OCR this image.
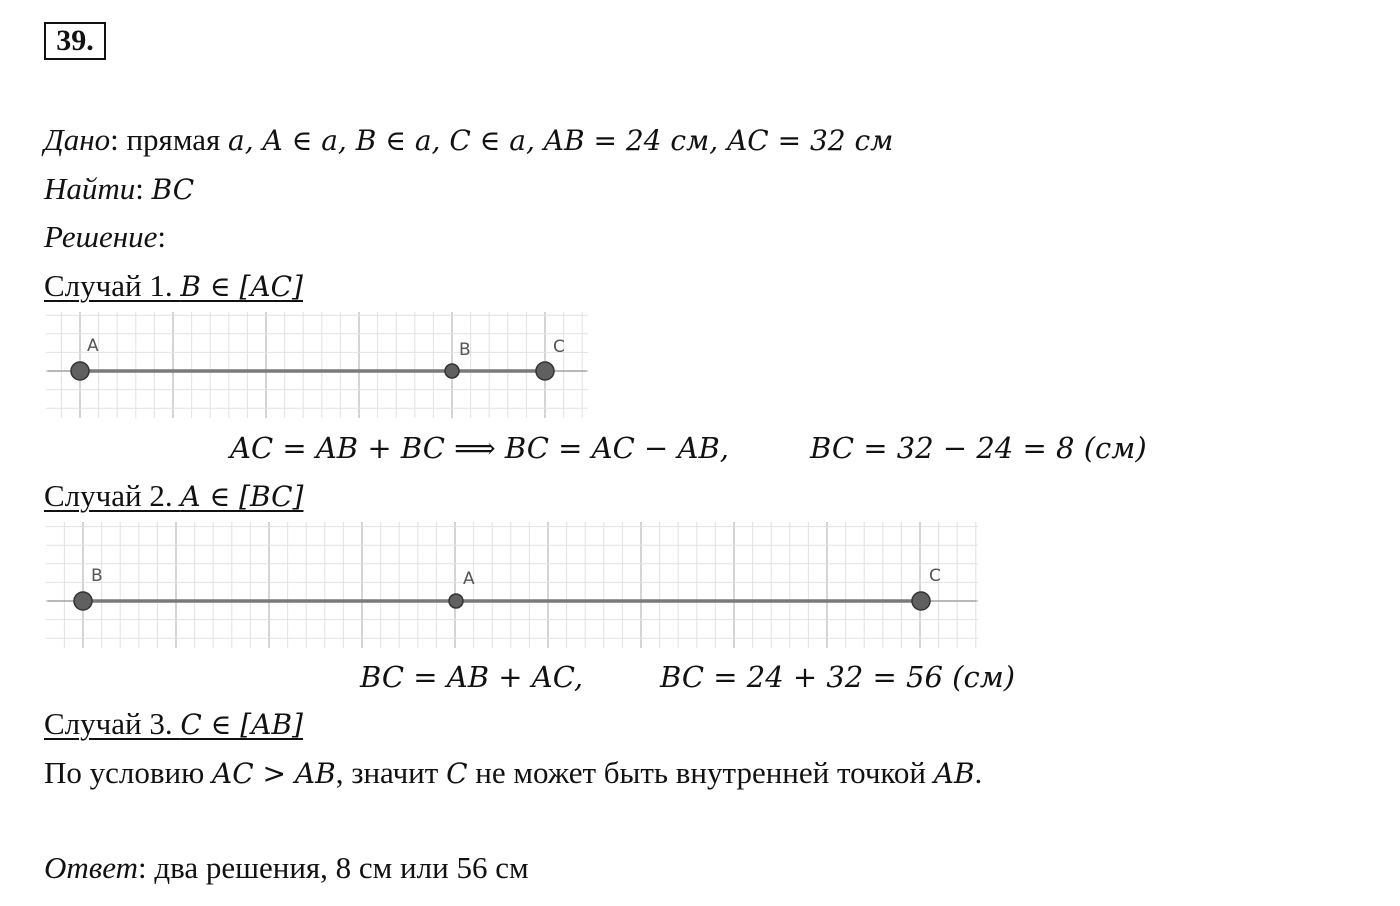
39.
Дано: прямая a, A ∈ a, B ∈ a, C ∈ a, AB = 24 см, AC = 32 см
Найти: BC
Решение:
Случай 1. B ∈ [AC]
A	B	C
AC = AB + BC ⟹ BC = AC − AB,	BC = 32 − 24 = 8 (см)
Случай 2. A ∈ [BC]
B	A	C
BC = AB + AC,	BC = 24 + 32 = 56 (см)
Случай 3. C ∈ [AB]
По условию AC > AB, значит C не может быть внутренней точкой AB.
Ответ: два решения, 8 см или 56 см
